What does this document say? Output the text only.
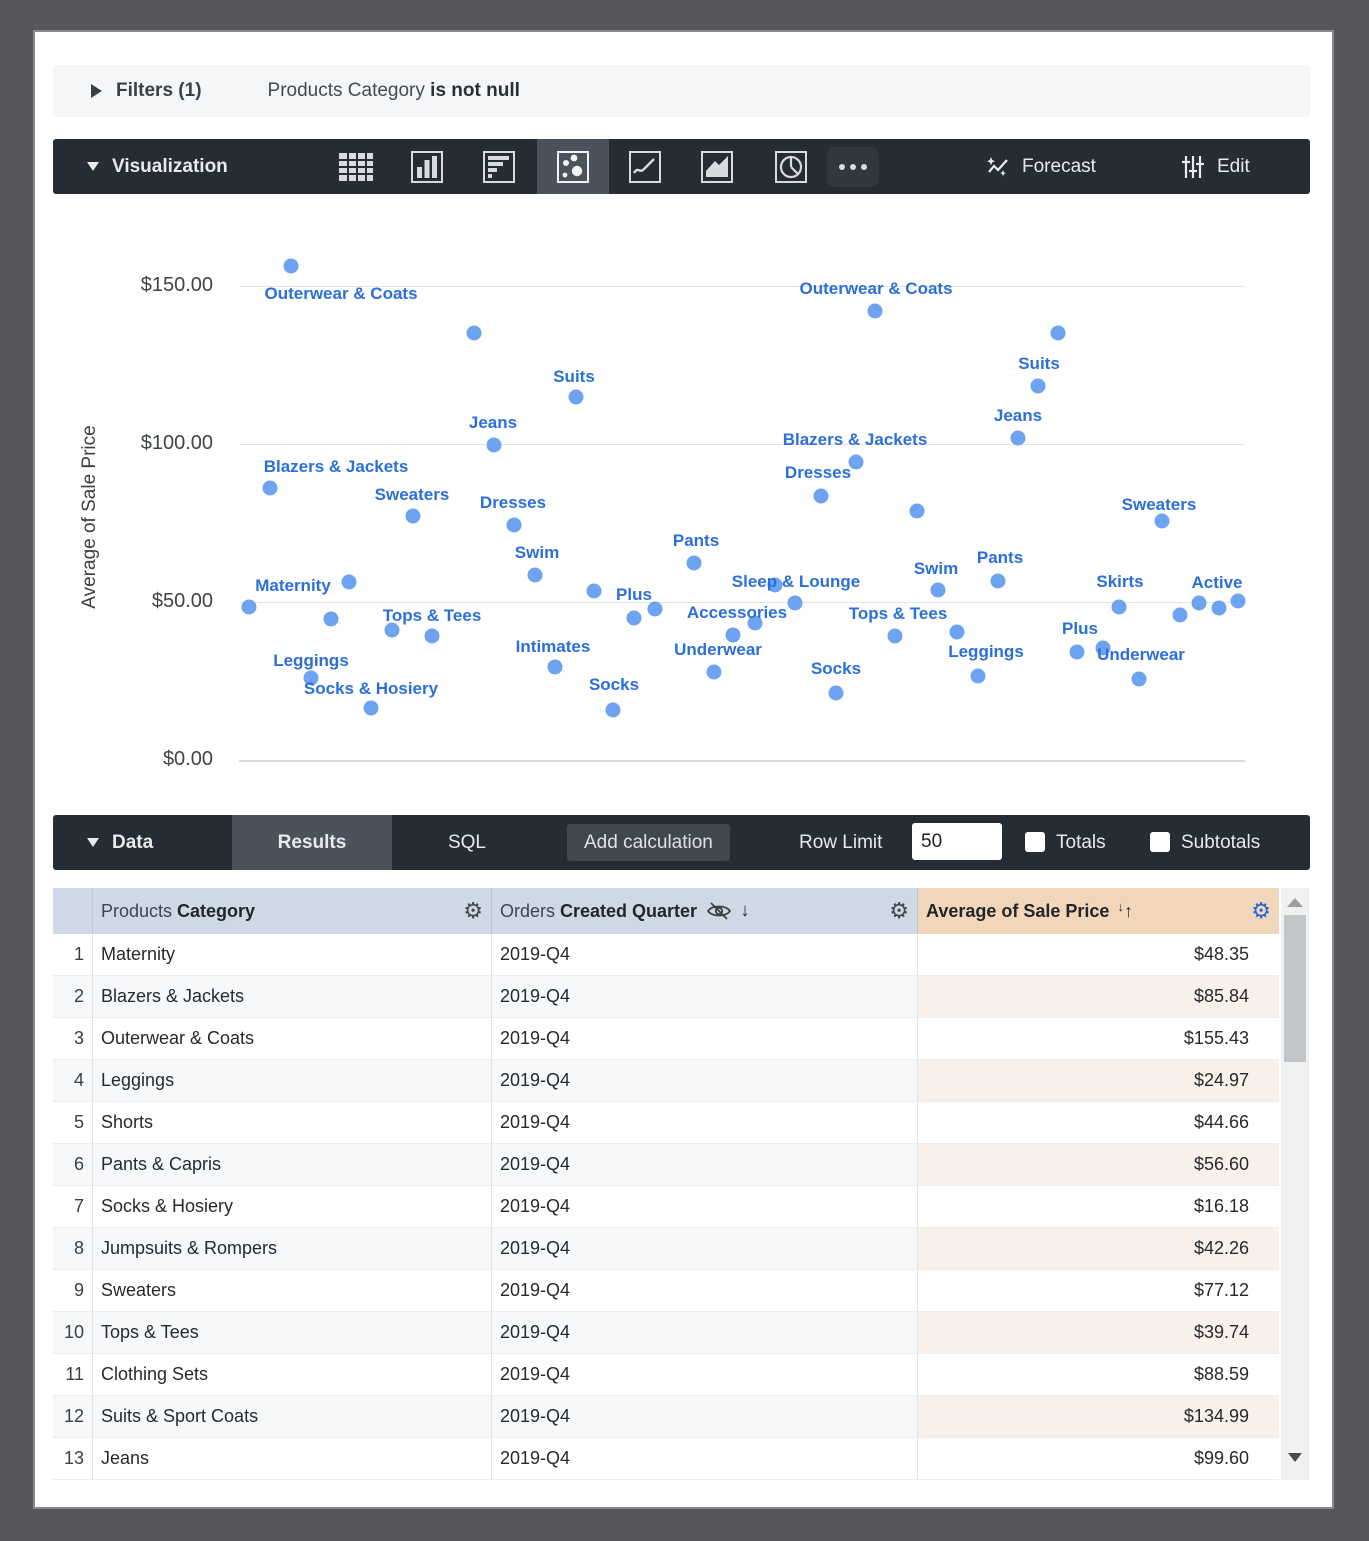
Filters (1)	Products Category is not null
Visualization	Forecast	Edit
Average of Sale Price
$150.00
$100.00
$50.00
$0.00
Outerwear & Coats
Suits
Jeans
Blazers & Jackets
Sweaters Dresses
Swim
Pants
Maternity
Tops & Tees
Leggings
Socks & Hosiery
Intimates
Socks
Plus
Accessories
Sleep & Lounge
Underwear
Socks
Outerwear & Coats
Suits
Jeans
Blazers & Jackets
Dresses
Sweaters
Pants
Swim
Tops & Tees
Skirts	Active
Plus
Underwear
Leggings
Data	Results	SQL	Add calculation	Row Limit
50	Totals	Subtotals
Products Category	⚙ Orders Created Quarter ↓	⚙ Average of Sale Price ↓ ↑	⚙
1 Maternity	2019-Q4	$48.35
2 Blazers & Jackets	2019-Q4	$85.84
3 Outerwear & Coats	2019-Q4	$155.43
4 Leggings	2019-Q4	$24.97
5 Shorts	2019-Q4	$44.66
6 Pants & Capris	2019-Q4	$56.60
7 Socks & Hosiery	2019-Q4	$16.18
8 Jumpsuits & Rompers	2019-Q4	$42.26
9 Sweaters	2019-Q4	$77.12
10 Tops & Tees	2019-Q4	$39.74
11 Clothing Sets	2019-Q4	$88.59
12 Suits & Sport Coats	2019-Q4	$134.99
13 Jeans	2019-Q4	$99.60
